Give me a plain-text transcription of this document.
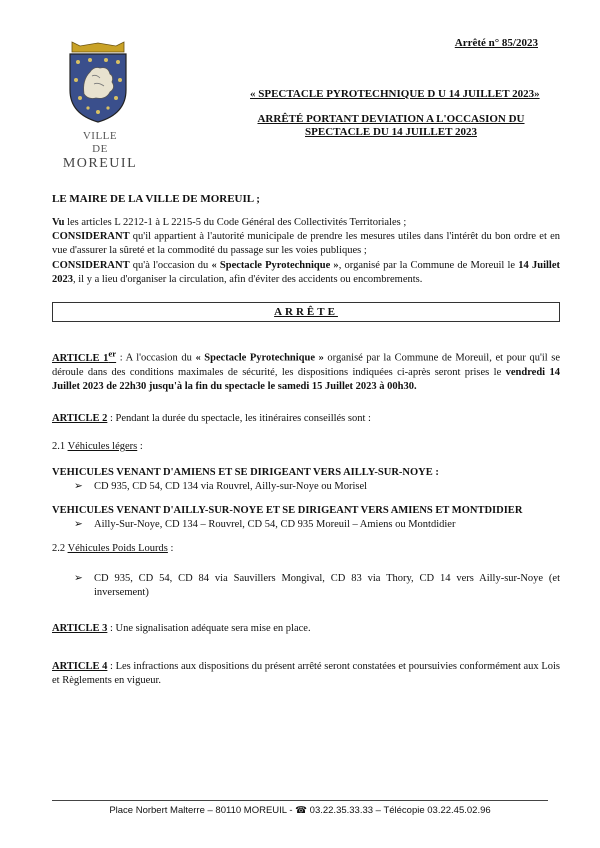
Arrêté n° 85/2023
VILLE
DE
MOREUIL
« SPECTACLE PYROTECHNIQUE D U 14 JUILLET 2023»
ARRÊTÉ PORTANT DEVIATION A L'OCCASION DU SPECTACLE DU 14 JUILLET 2023
LE MAIRE DE LA VILLE DE MOREUIL ;

Vu les articles L 2212-1 à L 2215-5 du Code Général des Collectivités Territoriales ;

CONSIDERANT qu'il appartient à l'autorité municipale de prendre les mesures utiles dans l'intérêt du bon ordre et en vue d'assurer la sûreté et la commodité du passage sur les voies publiques ;

CONSIDERANT qu'à l'occasion du « Spectacle Pyrotechnique », organisé par la Commune de Moreuil le 14 Juillet 2023, il y a lieu d'organiser la circulation, afin d'éviter des accidents ou encombrements.

ARRÊTE

ARTICLE 1er : A l'occasion du « Spectacle Pyrotechnique » organisé par la Commune de Moreuil, et pour qu'il se déroule dans des conditions maximales de sécurité, les dispositions indiquées ci-après seront prises le vendredi 14 Juillet 2023 de 22h30 jusqu'à la fin du spectacle le samedi 15 Juillet 2023 à 00h30.

ARTICLE 2 : Pendant la durée du spectacle, les itinéraires conseillés sont :

2.1 Véhicules légers :

VEHICULES VENANT D'AMIENS ET SE DIRIGEANT VERS AILLY-SUR-NOYE :

➢	CD 935, CD 54, CD 134 via Rouvrel, Ailly-sur-Noye ou Morisel

VEHICULES VENANT D'AILLY-SUR-NOYE ET SE DIRIGEANT VERS AMIENS ET MONTDIDIER

➢	Ailly-Sur-Noye, CD 134 – Rouvrel, CD 54, CD 935 Moreuil – Amiens ou Montdidier

2.2 Véhicules Poids Lourds :

➢	CD 935, CD 54, CD 84 via Sauvillers Mongival, CD 83 via Thory, CD 14 vers Ailly-sur-Noye (et inversement)

ARTICLE 3 : Une signalisation adéquate sera mise en place.

ARTICLE 4 : Les infractions aux dispositions du présent arrêté seront constatées et poursuivies conformément aux Lois et Règlements en vigueur.

Place Norbert Malterre – 80110 MOREUIL - ☎ 03.22.35.33.33 – Télécopie 03.22.45.02.96
